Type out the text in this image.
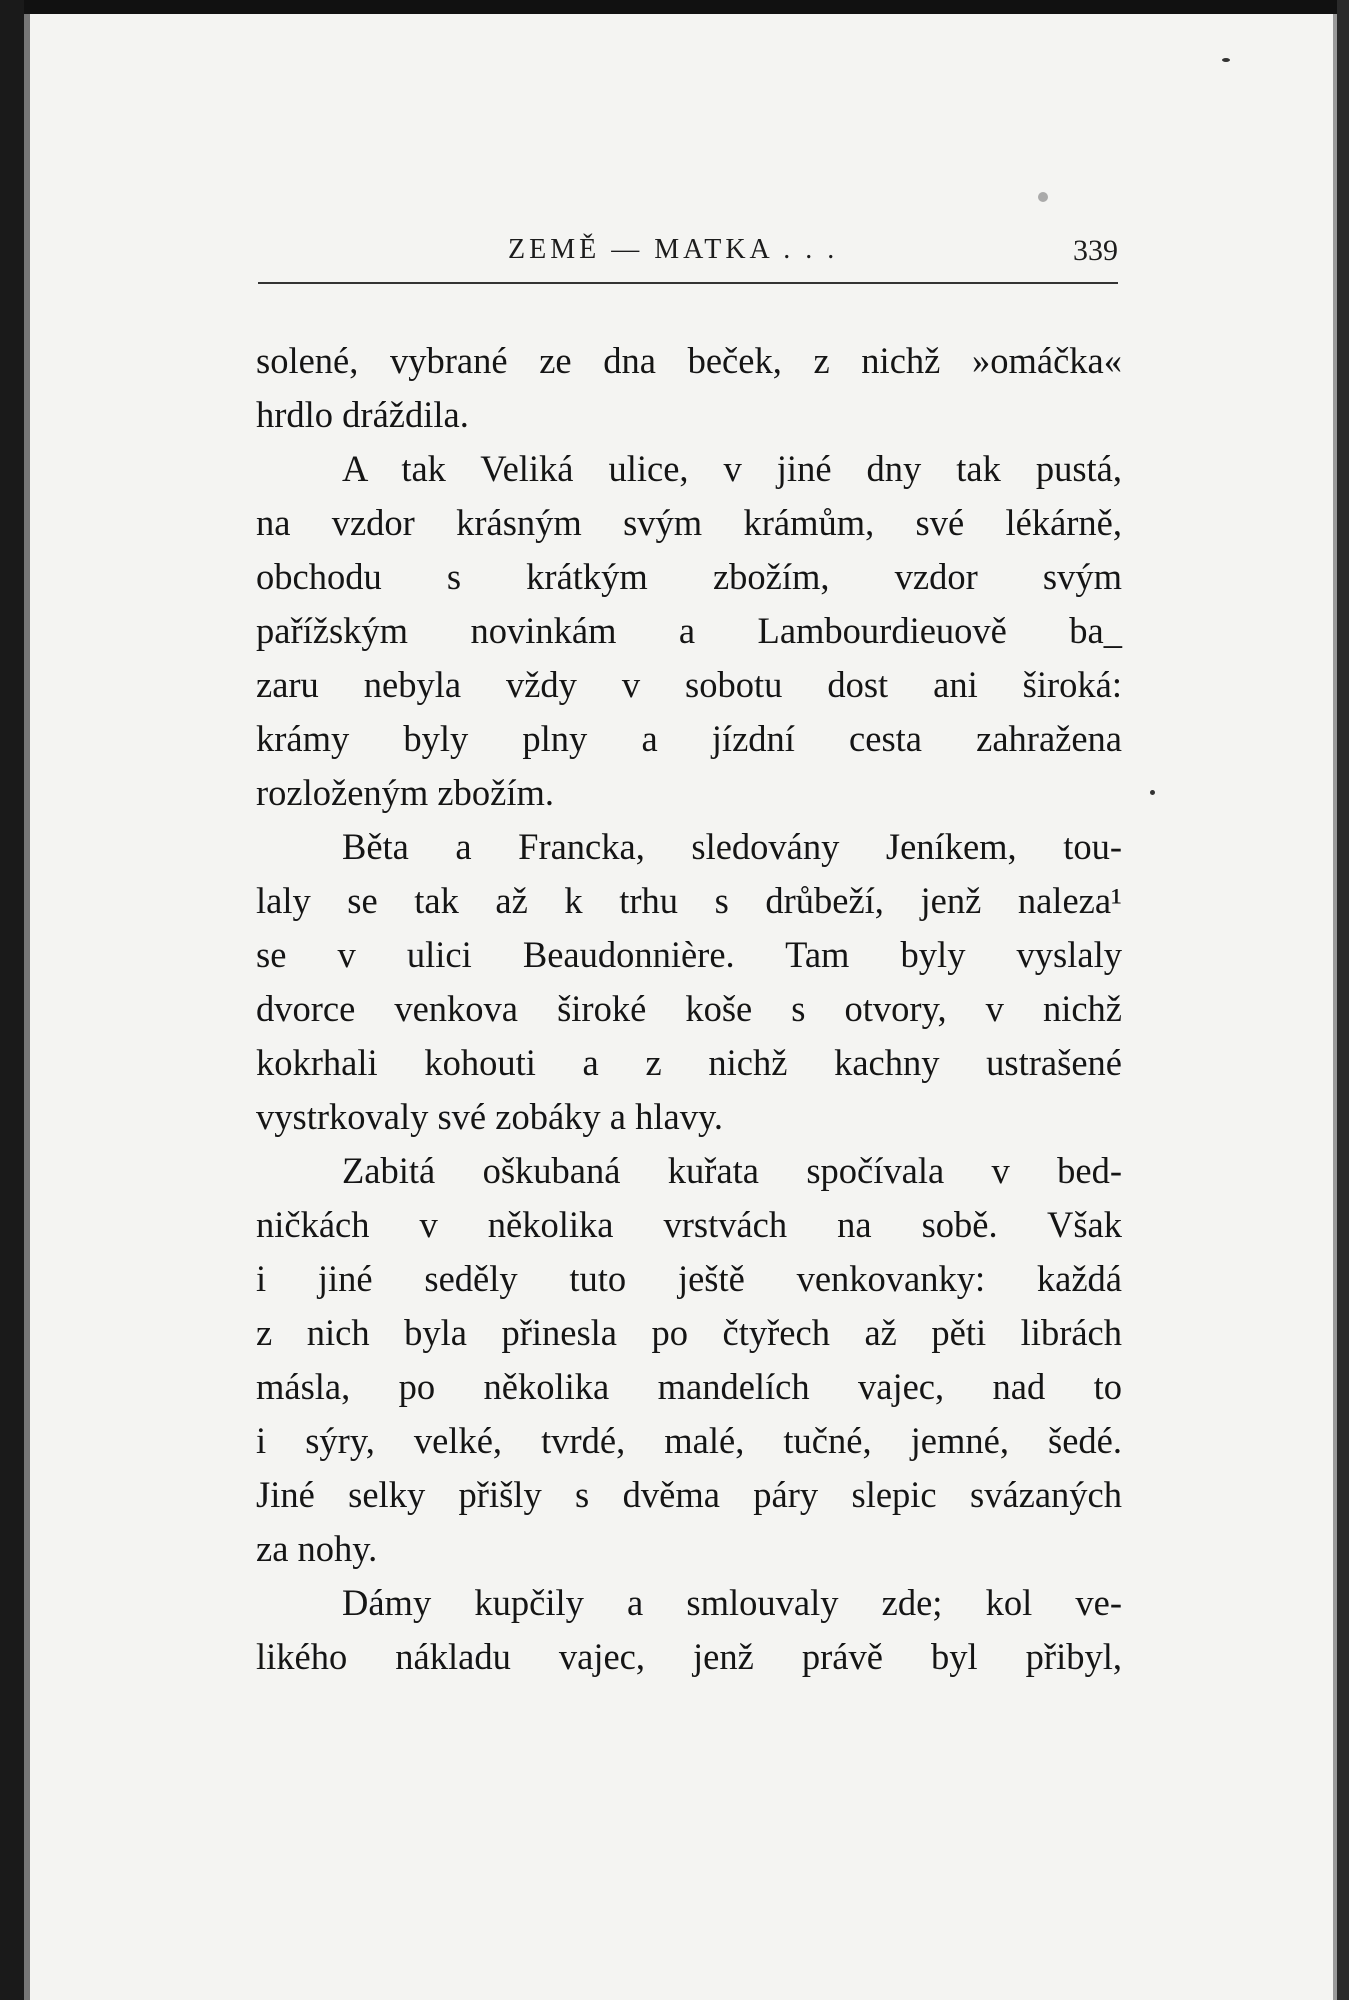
ZEMĚ — MATKA . . .	339
solené, vybrané ze dna beček, z nichž »omáčka«
hrdlo dráždila.
A tak Veliká ulice, v jiné dny tak pustá,
na vzdor krásným svým krámům, své lékárně,
obchodu s krátkým zbožím, vzdor svým
pařížským novinkám a Lambourdieuově ba_
zaru nebyla vždy v sobotu dost ani široká:
krámy byly plny a jízdní cesta zahražena
rozloženým zbožím.
Běta a Francka, sledovány Jeníkem, tou-
laly se tak až k trhu s drůbeží, jenž naleza¹
se v ulici Beaudonnière. Tam byly vyslaly
dvorce venkova široké koše s otvory, v nichž
kokrhali kohouti a z nichž kachny ustrašené
vystrkovaly své zobáky a hlavy.
Zabitá oškubaná kuřata spočívala v bed-
ničkách v několika vrstvách na sobě. Však
i jiné seděly tuto ještě venkovanky: každá
z nich byla přinesla po čtyřech až pěti librách
másla, po několika mandelích vajec, nad to
i sýry, velké, tvrdé, malé, tučné, jemné, šedé.
Jiné selky přišly s dvěma páry slepic svázaných
za nohy.
Dámy kupčily a smlouvaly zde; kol ve-
likého nákladu vajec, jenž právě byl přibyl,
